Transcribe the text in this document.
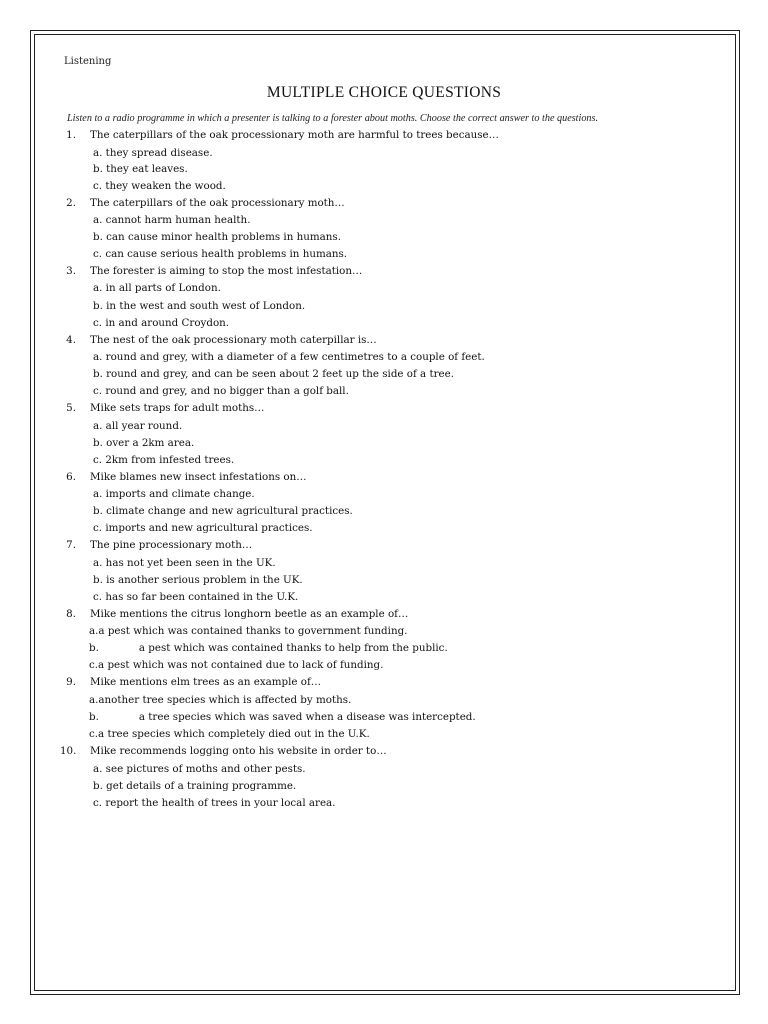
Listening
MULTIPLE CHOICE QUESTIONS
Listen to a radio programme in which a presenter is talking to a forester about moths. Choose the correct answer to the questions.
1. The caterpillars of the oak processionary moth are harmful to trees because…
a. they spread disease.
b. they eat leaves.
c. they weaken the wood.
2. The caterpillars of the oak processionary moth…
a. cannot harm human health.
b. can cause minor health problems in humans.
c. can cause serious health problems in humans.
3. The forester is aiming to stop the most infestation…
a. in all parts of London.
b. in the west and south west of London.
c. in and around Croydon.
4. The nest of the oak processionary moth caterpillar is…
a. round and grey, with a diameter of a few centimetres to a couple of feet.
b. round and grey, and can be seen about 2 feet up the side of a tree.
c. round and grey, and no bigger than a golf ball.
5. Mike sets traps for adult moths…
a. all year round.
b. over a 2km area.
c. 2km from infested trees.
6. Mike blames new insect infestations on…
a. imports and climate change.
b. climate change and new agricultural practices.
c. imports and new agricultural practices.
7. The pine processionary moth…
a. has not yet been seen in the UK.
b. is another serious problem in the UK.
c. has so far been contained in the U.K.
8. Mike mentions the citrus longhorn beetle as an example of…
a.a pest which was contained thanks to government funding.
b.	a pest which was contained thanks to help from the public.
c.a pest which was not contained due to lack of funding.
9. Mike mentions elm trees as an example of…
a.another tree species which is affected by moths.
b.	a tree species which was saved when a disease was intercepted.
c.a tree species which completely died out in the U.K.
10. Mike recommends logging onto his website in order to…
a. see pictures of moths and other pests.
b. get details of a training programme.
c. report the health of trees in your local area.
